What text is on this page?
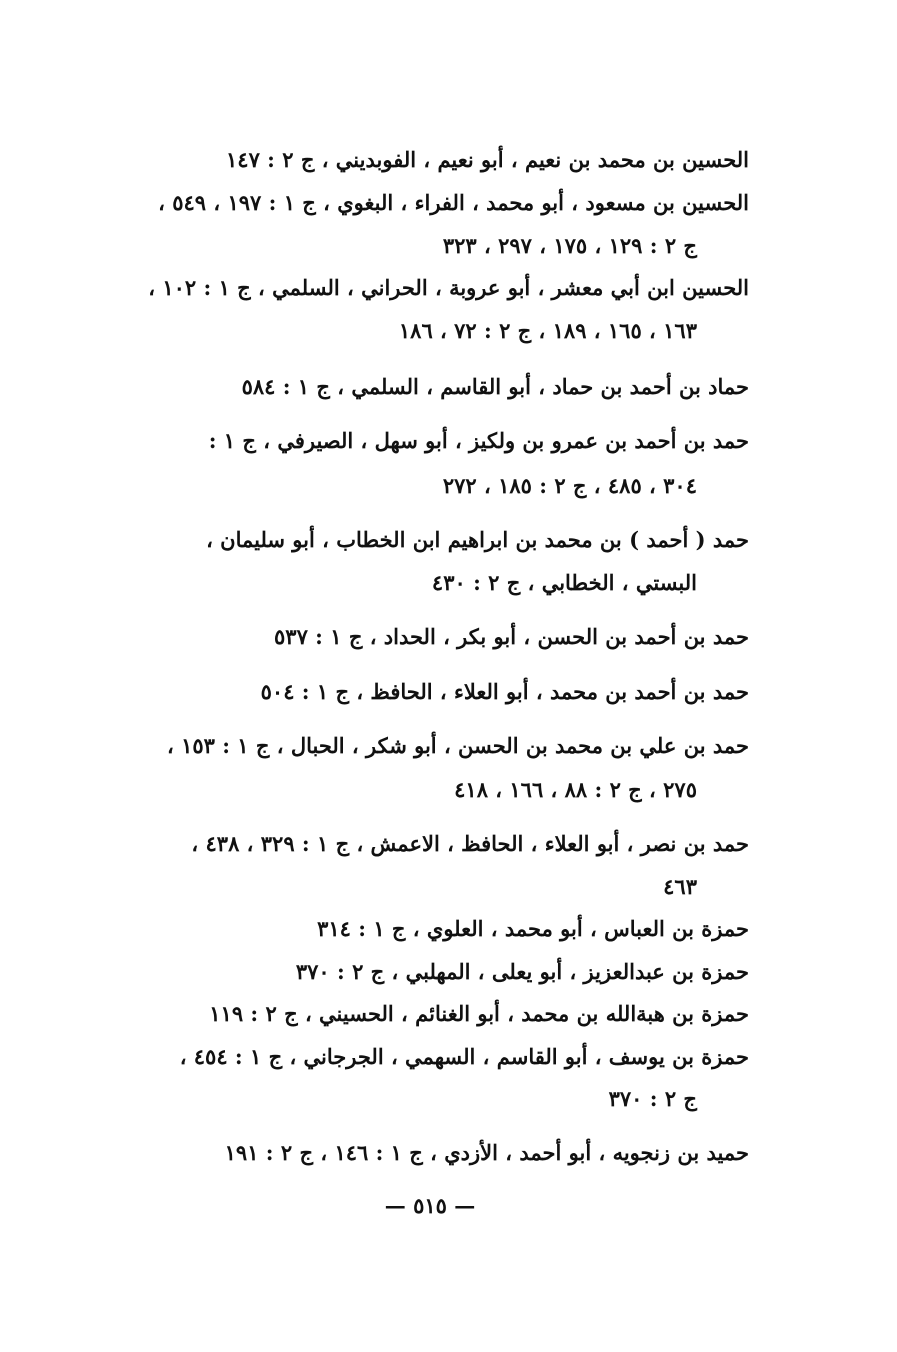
الحسين بن محمد بن نعيم ، أبو نعيم ، الفوبديني ، ج ٢ : ١٤٧
الحسين بن مسعود ، أبو محمد ، الفراء ، البغوي ، ج ١ : ١٩٧ ، ٥٤٩ ،
ج ٢ : ١٢٩ ، ١٧٥ ، ٢٩٧ ، ٣٢٣
الحسين ابن أبي معشر ، أبو عروبة ، الحراني ، السلمي ، ج ١ : ١٠٢ ،
١٦٣ ، ١٦٥ ، ١٨٩ ، ج ٢ : ٧٢ ، ١٨٦
حماد بن أحمد بن حماد ، أبو القاسم ، السلمي ، ج ١ : ٥٨٤
حمد بن أحمد بن عمرو بن ولكيز ، أبو سهل ، الصيرفي ، ج ١ :
٣٠٤ ، ٤٨٥ ، ج ٢ : ١٨٥ ، ٢٧٢
حمد ( أحمد ) بن محمد بن ابراهيم ابن الخطاب ، أبو سليمان ،
البستي ، الخطابي ، ج ٢ : ٤٣٠
حمد بن أحمد بن الحسن ، أبو بكر ، الحداد ، ج ١ : ٥٣٧
حمد بن أحمد بن محمد ، أبو العلاء ، الحافظ ، ج ١ : ٥٠٤
حمد بن علي بن محمد بن الحسن ، أبو شكر ، الحبال ، ج ١ : ١٥٣ ،
٢٧٥ ، ج ٢ : ٨٨ ، ١٦٦ ، ٤١٨
حمد بن نصر ، أبو العلاء ، الحافظ ، الاعمش ، ج ١ : ٣٢٩ ، ٤٣٨ ،
٤٦٣
حمزة بن العباس ، أبو محمد ، العلوي ، ج ١ : ٣١٤
حمزة بن عبدالعزيز ، أبو يعلى ، المهلبي ، ج ٢ : ٣٧٠
حمزة بن هبةالله بن محمد ، أبو الغنائم ، الحسيني ، ج ٢ : ١١٩
حمزة بن يوسف ، أبو القاسم ، السهمي ، الجرجاني ، ج ١ : ٤٥٤ ،
ج ٢ : ٣٧٠
حميد بن زنجويه ، أبو أحمد ، الأزدي ، ج ١ : ١٤٦ ، ج ٢ : ١٩١
— ٥١٥ —
